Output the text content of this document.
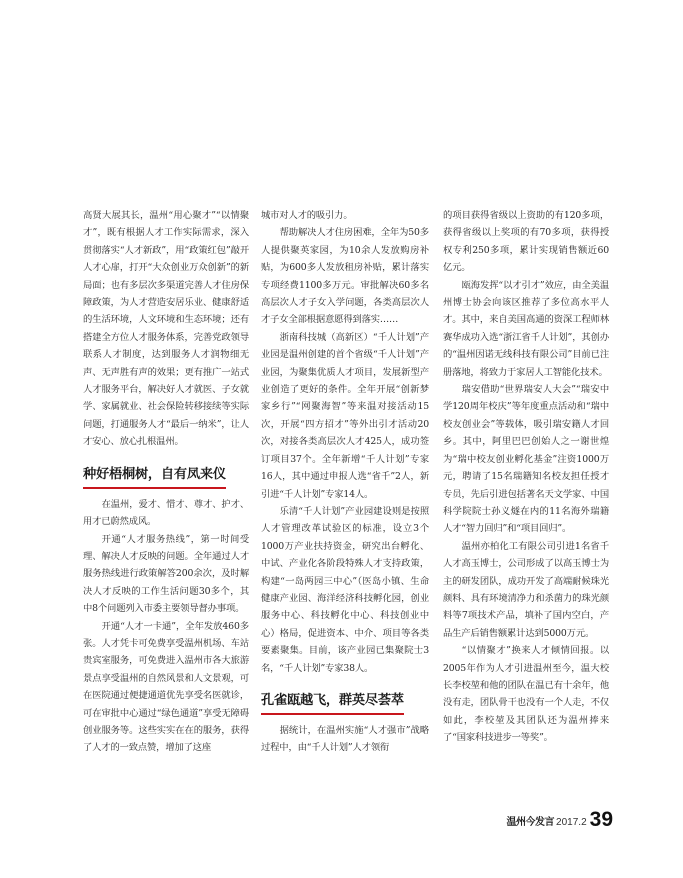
高贤大展其长，温州“用心聚才”“以情聚才”，既有根据人才工作实际需求，深入贯彻落实“人才新政”，用“政策红包”敲开人才心扉，打开“大众创业万众创新”的新局面；也有多层次多渠道完善人才住房保障政策，为人才营造安居乐业、健康舒适的生活环境，人文环境和生态环境；还有搭建全方位人才服务体系，完善党政领导联系人才制度，达到服务人才润物细无声、无声胜有声的效果；更有推广一站式人才服务平台，解决好人才就医、子女就学、家属就业、社会保险转移接续等实际问题，打通服务人才“最后一纳米”，让人才安心、放心扎根温州。

种好梧桐树，自有凤来仪

在温州，爱才、惜才、尊才、护才、用才已蔚然成风。

开通“人才服务热线”，第一时间受理、解决人才反映的问题。全年通过人才服务热线进行政策解答200余次，及时解决人才反映的工作生活问题30多个，其中8个问题列入市委主要领导督办事项。

开通“人才一卡通”，全年发放460多张。人才凭卡可免费享受温州机场、车站贵宾室服务，可免费进入温州市各大旅游景点享受温州的自然风景和人文景观，可在医院通过便捷通道优先享受名医就诊，可在审批中心通过“绿色通道”享受无障碍创业服务等。这些实实在在的服务，获得了人才的一致点赞，增加了这座

城市对人才的吸引力。

帮助解决人才住房困难，全年为50多人提供聚英家园，为10余人发放购房补贴，为600多人发放租房补贴，累计落实专项经费1100多万元。审批解决60多名高层次人才子女入学问题，各类高层次人才子女全部根据意愿得到落实……

浙南科技城（高新区）“千人计划”产业园是温州创建的首个省级“千人计划”产业园，为聚集优质人才项目，发展新型产业创造了更好的条件。全年开展“创新梦家乡行”“网聚海智”等来温对接活动15次，开展“四方招才”等外出引才活动20次，对接各类高层次人才425人，成功签订项目37个。全年新增“千人计划”专家16人，其中通过申报人选“省千”2人，新引进“千人计划”专家14人。

乐清“千人计划”产业园建设则是按照人才管理改革试验区的标准，设立3个1000万产业扶持资金，研究出台孵化、中试、产业化各阶段特殊人才支持政策，构建“一岛两园三中心”（医岛小镇、生命健康产业园、海洋经济科技孵化园，创业服务中心、科技孵化中心、科技创业中心）格局，促进资本、中介、项目等各类要素聚集。目前，该产业园已集聚院士3名，“千人计划”专家38人。

孔雀瓯越飞，群英尽荟萃

据统计，在温州实施“人才强市”战略过程中，由“千人计划”人才领衔

的项目获得省级以上资助的有120多项，获得省级以上奖项的有70多项，获得授权专利250多项，累计实现销售额近60亿元。

瓯海发挥“以才引才”效应，由全美温州博士协会向该区推荐了多位高水平人才。其中，来自美国高通的资深工程师林赛华成功入选“浙江省千人计划”，其创办的“温州因诺无线科技有限公司”目前已注册落地，将致力于家居人工智能化技术。

瑞安借助“世界瑞安人大会”“瑞安中学120周年校庆”等年度重点活动和“瑞中校友创业会”等载体，吸引瑞安籍人才回乡。其中，阿里巴巴创始人之一谢世煌为“瑞中校友创业孵化基金”注资1000万元，聘请了15名瑞籍知名校友担任授才专员，先后引进包括著名天文学家、中国科学院院士孙义燧在内的11名海外瑞籍人才“智力回归”和“项目回归”。

温州亦柏化工有限公司引进1名省千人才高玉博士，公司形成了以高玉博士为主的研发团队，成功开发了高端耐候珠光颜料、具有环境清净力和杀菌力的珠光颜料等7项技术产品，填补了国内空白，产品生产后销售额累计达到5000万元。

“以情聚才”换来人才倾情回报。以2005年作为人才引进温州至今，温大校长李校堃和他的团队在温已有十余年，他没有走，团队骨干也没有一个人走，不仅如此，李校堃及其团队还为温州捧来了“国家科技进步一等奖”。

温州今发言 2017.2 39
